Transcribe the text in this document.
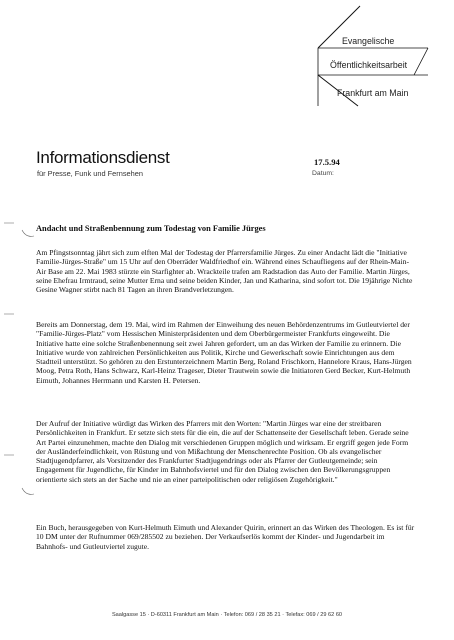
Evangelische
Öffentlichkeitsarbeit
Frankfurt am Main
Informationsdienst
für Presse, Funk und Fernsehen
17.5.94
Datum:
Andacht und Straßenbennung zum Todestag von Familie Jürges
Am Pfingstsonntag jährt sich zum elften Mal der Todestag der Pfarrersfamilie Jürges. Zu einer Andacht lädt die "Initiative Familie-Jürges-Straße" um 15 Uhr auf den Oberräder Waldfriedhof ein. Während eines Schaufliegens auf der Rhein-Main-Air Base am 22. Mai 1983 stürzte ein Starfighter ab. Wrackteile trafen am Radstadion das Auto der Familie. Martin Jürges, seine Ehefrau Irmtraud, seine Mutter Erna und seine beiden Kinder, Jan und Katharina, sind sofort tot. Die 19jährige Nichte Gesine Wagner stirbt nach 81 Tagen an ihren Brandverletzungen.
Bereits am Donnerstag, dem 19. Mai, wird im Rahmen der Einweihung des neuen Behördenzentrums im Gutleutviertel der "Familie-Jürges-Platz" vom Hessischen Ministerpräsidenten und dem Oberbürgermeister Frankfurts eingeweiht. Die Initiative hatte eine solche Straßenbenennung seit zwei Jahren gefordert, um an das Wirken der Familie zu erinnern. Die Initiative wurde von zahlreichen Persönlichkeiten aus Politik, Kirche und Gewerkschaft sowie Einrichtungen aus dem Stadtteil unterstützt. So gehören zu den Erstunterzeichnern Martin Berg, Roland Frischkorn, Hannelore Kraus, Hans-Jürgen Moog, Petra Roth, Hans Schwarz, Karl-Heinz Trageser, Dieter Trautwein sowie die Initiatoren Gerd Becker, Kurt-Helmuth Eimuth, Johannes Herrmann und Karsten H. Petersen.
Der Aufruf der Initiative würdigt das Wirken des Pfarrers mit den Worten: "Martin Jürges war eine der streitbaren Persönlichkeiten in Frankfurt. Er setzte sich stets für die ein, die auf der Schattenseite der Gesellschaft leben. Gerade seine Art Partei einzunehmen, machte den Dialog mit verschiedenen Gruppen möglich und wirksam. Er ergriff gegen jede Form der Ausländerfeindlichkeit, von Rüstung und von Mißachtung der Menschenrechte Position. Ob als evangelischer Stadtjugendpfarrer, als Vorsitzender des Frankfurter Stadtjugendrings oder als Pfarrer der Gutleutgemeinde; sein Engagement für Jugendliche, für Kinder im Bahnhofsviertel und für den Dialog zwischen den Bevölkerungsgruppen orientierte sich stets an der Sache und nie an einer parteipolitischen oder religiösen Zugehörigkeit."
Ein Buch, herausgegeben von Kurt-Helmuth Eimuth und Alexander Quirin, erinnert an das Wirken des Theologen. Es ist für 10 DM unter der Rufnummer 069/285502 zu beziehen. Der Verkaufserlös kommt der Kinder- und Jugendarbeit im Bahnhofs- und Gutleutviertel zugute.
Saalgasse 15 · D-60311 Frankfurt am Main · Telefon: 069 / 28 35 21 · Telefax: 069 / 29 62 60
